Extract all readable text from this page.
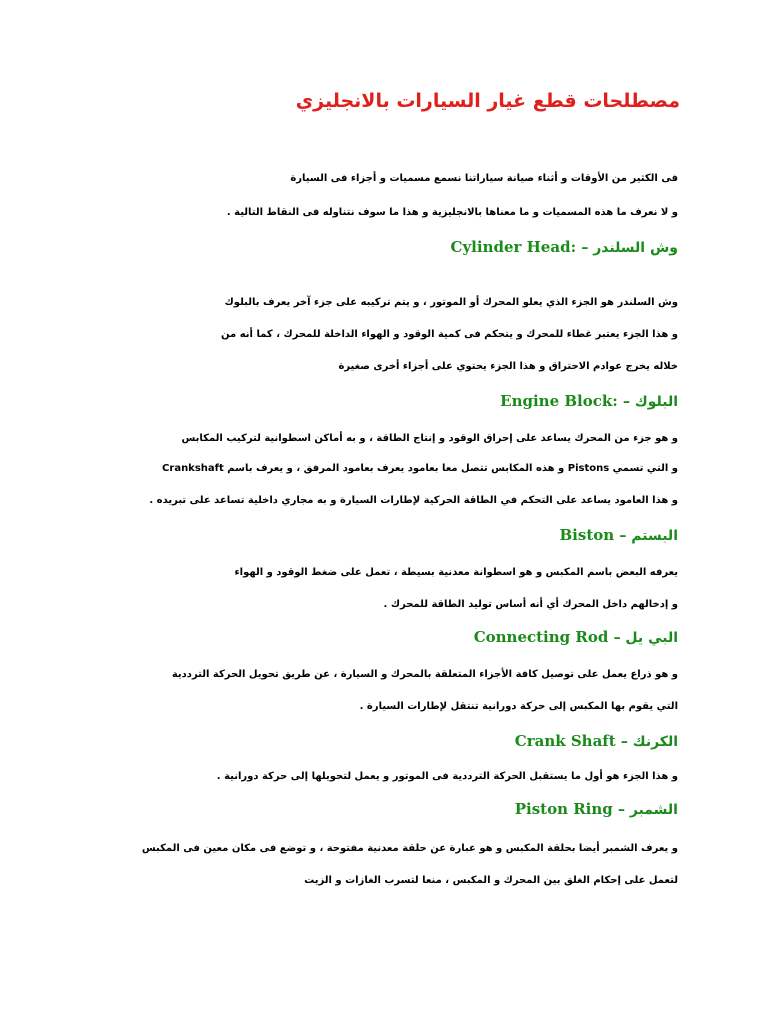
مصطلحات قطع غيار السيارات بالانجليزي

فى الكثير من الأوقات و أثناء صيانة سياراتنا نسمع مسميات و أجزاء فى السيارة

و لا نعرف ما هذه المسميات و ما معناها بالانجليزية و هذا ما سوف نتناوله فى النقاط التالية .

وش السلندر – :Cylinder Head

وش السلندر هو الجزء الذي يعلو المحرك أو الموتور ، و يتم تركيبه على جزء آخر يعرف بالبلوك

و هذا الجزء يعتبر غطاء للمحرك و يتحكم فى كمية الوقود و الهواء الداخلة للمحرك ، كما أنه من

خلاله يخرج عوادم الاحتراق و هذا الجزء يحتوي على أجزاء أخرى صغيرة

البلوك – :Engine Block

و هو جزء من المحرك يساعد على إحراق الوقود و إنتاج الطاقة ، و به أماكن اسطوانية لتركيب المكابس

و التي تسمي Pistons و هذه المكابس تتصل معا بعامود يعرف بعامود المرفق ، و يعرف باسم Crankshaft

و هذا العامود يساعد على التحكم في الطاقة الحركية لإطارات السيارة و به مجاري داخلية تساعد على تبريده .

البستم – Biston

يعرفه البعض باسم المكبس و هو اسطوانة معدنية بسيطة ، تعمل على ضغط الوقود و الهواء

و إدخالهم داخل المحرك أي أنه أساس توليد الطاقة للمحرك .

البي يل – Connecting Rod

و هو ذراع يعمل على توصيل كافة الأجزاء المتعلقة بالمحرك و السيارة ، عن طريق تحويل الحركة الترددية

التي يقوم بها المكبس إلى حركة دورانية تنتقل لإطارات السيارة .

الكرنك – Crank Shaft

و هذا الجزء هو أول ما يستقبل الحركة الترددية فى الموتور و يعمل لتحويلها إلى حركة دورانية .

الشمبر – Piston Ring

و يعرف الشمبر أيضا بحلقة المكبس و هو عبارة عن حلقة معدنية مفتوحة ، و توضع فى مكان معين فى المكبس

لتعمل على إحكام الغلق بين المحرك و المكبس ، منعا لتسرب الغازات و الزيت
